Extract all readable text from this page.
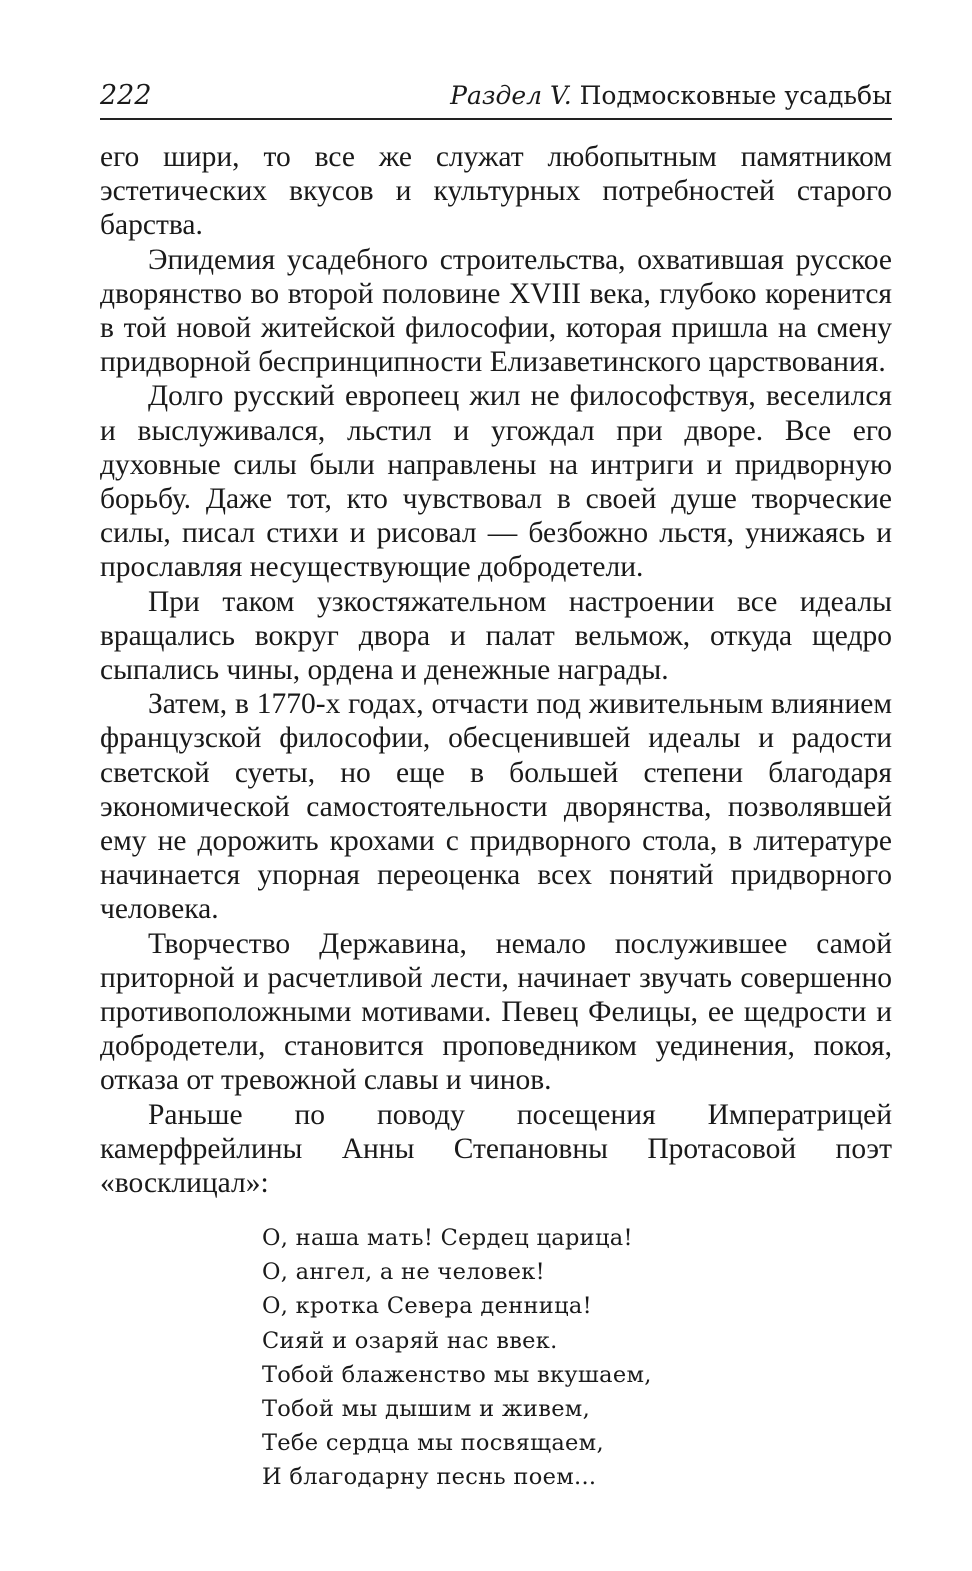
222	Раздел V. Подмосковные усадьбы

его шири, то все же служат любопытным памятником эстетических вкусов и культурных потребностей старого барства.

Эпидемия усадебного строительства, охватившая русское дворянство во второй половине XVIII века, глубоко коренится в той новой житейской философии, которая пришла на смену придворной беспринципности Елизаветинского царствования.

Долго русский европеец жил не философствуя, веселился и выслуживался, льстил и угождал при дворе. Все его духовные силы были направлены на интриги и придворную борьбу. Даже тот, кто чувствовал в своей душе творческие силы, писал стихи и рисовал — безбожно льстя, унижаясь и прославляя несуществующие добродетели.

При таком узкостяжательном настроении все идеалы вращались вокруг двора и палат вельмож, откуда щедро сыпались чины, ордена и денежные награды.

Затем, в 1770-х годах, отчасти под живительным влиянием французской философии, обесценившей идеалы и радости светской суеты, но еще в большей степени благодаря экономической самостоятельности дворянства, позволявшей ему не дорожить крохами с придворного стола, в литературе начинается упорная переоценка всех понятий придворного человека.

Творчество Державина, немало послужившее самой приторной и расчетливой лести, начинает звучать совершенно противоположными мотивами. Певец Фелицы, ее щедрости и добродетели, становится проповедником уединения, покоя, отказа от тревожной славы и чинов.

Раньше по поводу посещения Императрицей камерфрейлины Анны Степановны Протасовой поэт «восклицал»:

О, наша мать! Сердец царица!
О, ангел, а не человек!
О, кротка Севера денница!
Сияй и озаряй нас ввек.
Тобой блаженство мы вкушаем,
Тобой мы дышим и живем,
Тебе сердца мы посвящаем,
И благодарну песнь поем...
